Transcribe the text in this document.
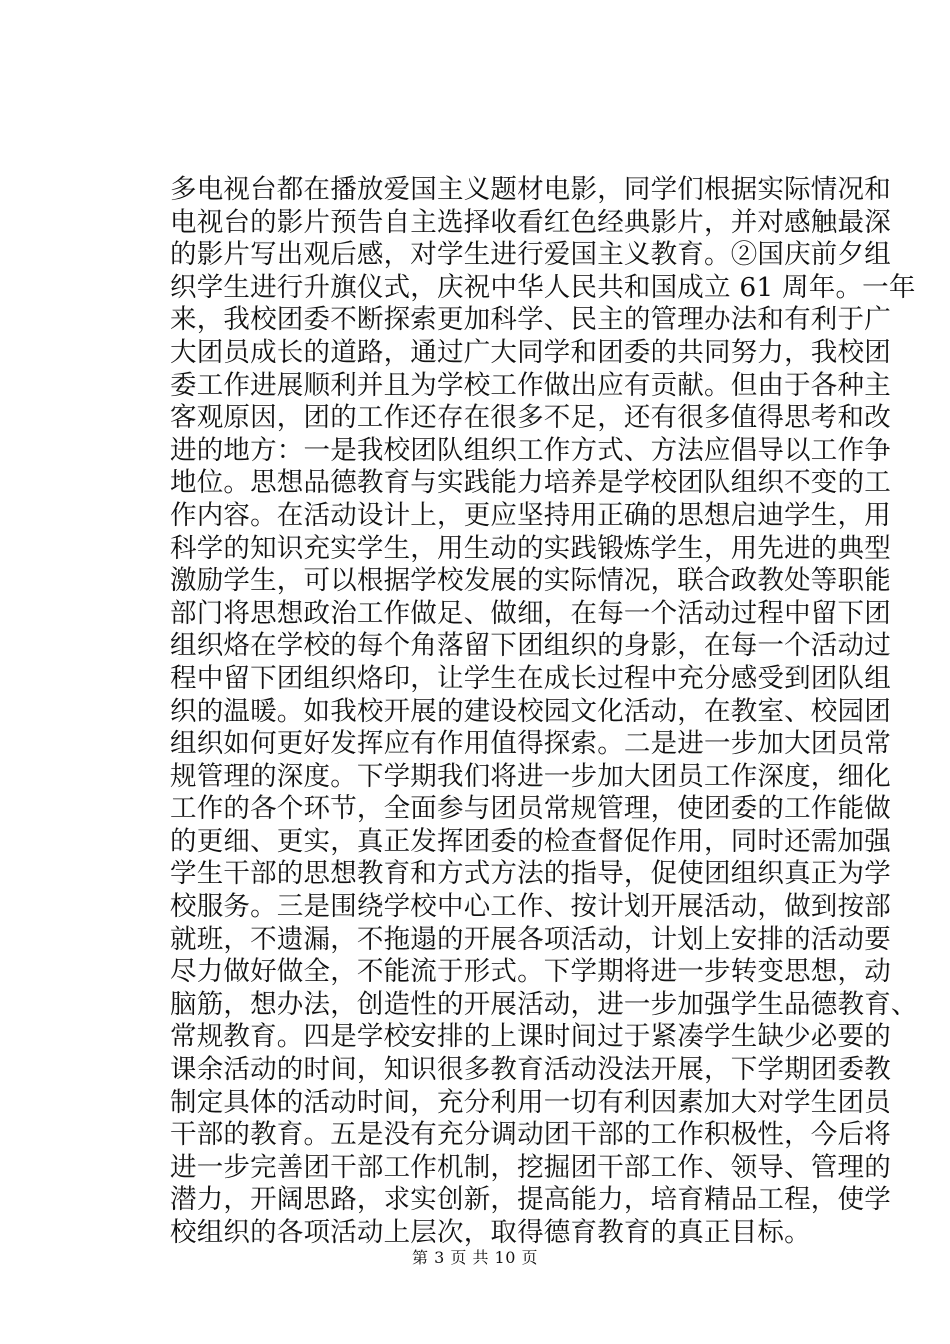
多电视台都在播放爱国主义题材电影，同学们根据实际情况和
电视台的影片预告自主选择收看红色经典影片，并对感触最深
的影片写出观后感，对学生进行爱国主义教育。②国庆前夕组
织学生进行升旗仪式，庆祝中华人民共和国成立 61 周年。一年
来，我校团委不断探索更加科学、民主的管理办法和有利于广
大团员成长的道路，通过广大同学和团委的共同努力，我校团
委工作进展顺利并且为学校工作做出应有贡献。但由于各种主
客观原因，团的工作还存在很多不足，还有很多值得思考和改
进的地方：一是我校团队组织工作方式、方法应倡导以工作争
地位。思想品德教育与实践能力培养是学校团队组织不变的工
作内容。在活动设计上，更应坚持用正确的思想启迪学生，用
科学的知识充实学生，用生动的实践锻炼学生，用先进的典型
激励学生，可以根据学校发展的实际情况，联合政教处等职能
部门将思想政治工作做足、做细，在每一个活动过程中留下团
组织烙在学校的每个角落留下团组织的身影，在每一个活动过
程中留下团组织烙印，让学生在成长过程中充分感受到团队组
织的温暖。如我校开展的建设校园文化活动，在教室、校园团
组织如何更好发挥应有作用值得探索。二是进一步加大团员常
规管理的深度。下学期我们将进一步加大团员工作深度，细化
工作的各个环节，全面参与团员常规管理，使团委的工作能做
的更细、更实，真正发挥团委的检查督促作用，同时还需加强
学生干部的思想教育和方式方法的指导，促使团组织真正为学
校服务。三是围绕学校中心工作、按计划开展活动，做到按部
就班，不遗漏，不拖遢的开展各项活动，计划上安排的活动要
尽力做好做全，不能流于形式。下学期将进一步转变思想，动
脑筋，想办法，创造性的开展活动，进一步加强学生品德教育、
常规教育。四是学校安排的上课时间过于紧凑学生缺少必要的
课余活动的时间，知识很多教育活动没法开展，下学期团委教
制定具体的活动时间，充分利用一切有利因素加大对学生团员
干部的教育。五是没有充分调动团干部的工作积极性，今后将
进一步完善团干部工作机制，挖掘团干部工作、领导、管理的
潜力，开阔思路，求实创新，提高能力，培育精品工程，使学
校组织的各项活动上层次，取得德育教育的真正目标。
第 3 页 共 10 页
